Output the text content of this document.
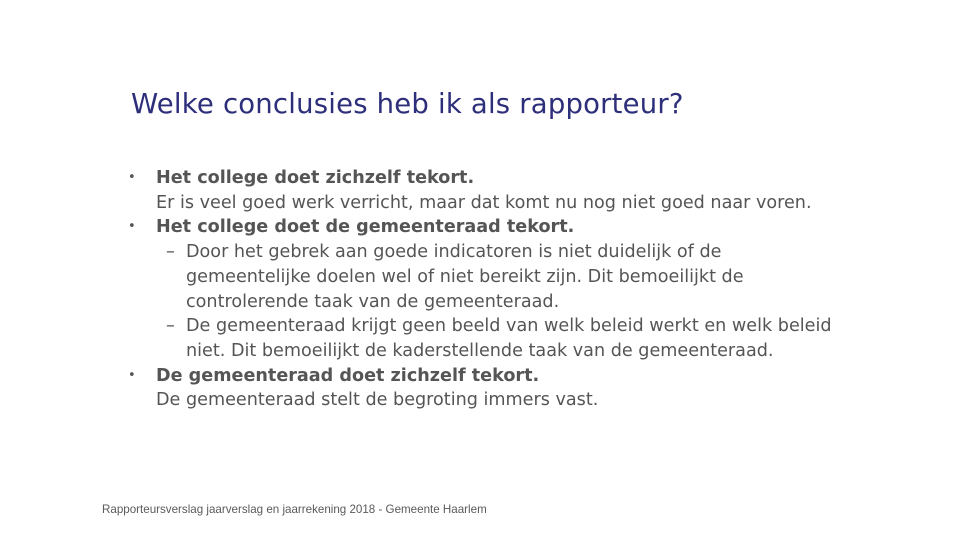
Welke conclusies heb ik als rapporteur?
• Het college doet zichzelf tekort.
Er is veel goed werk verricht, maar dat komt nu nog niet goed naar voren.
• Het college doet de gemeenteraad tekort.
– Door het gebrek aan goede indicatoren is niet duidelijk of de
gemeentelijke doelen wel of niet bereikt zijn. Dit bemoeilijkt de
controlerende taak van de gemeenteraad.
– De gemeenteraad krijgt geen beeld van welk beleid werkt en welk beleid
niet. Dit bemoeilijkt de kaderstellende taak van de gemeenteraad.
• De gemeenteraad doet zichzelf tekort.
De gemeenteraad stelt de begroting immers vast.
Rapporteursverslag jaarverslag en jaarrekening 2018 - Gemeente Haarlem
